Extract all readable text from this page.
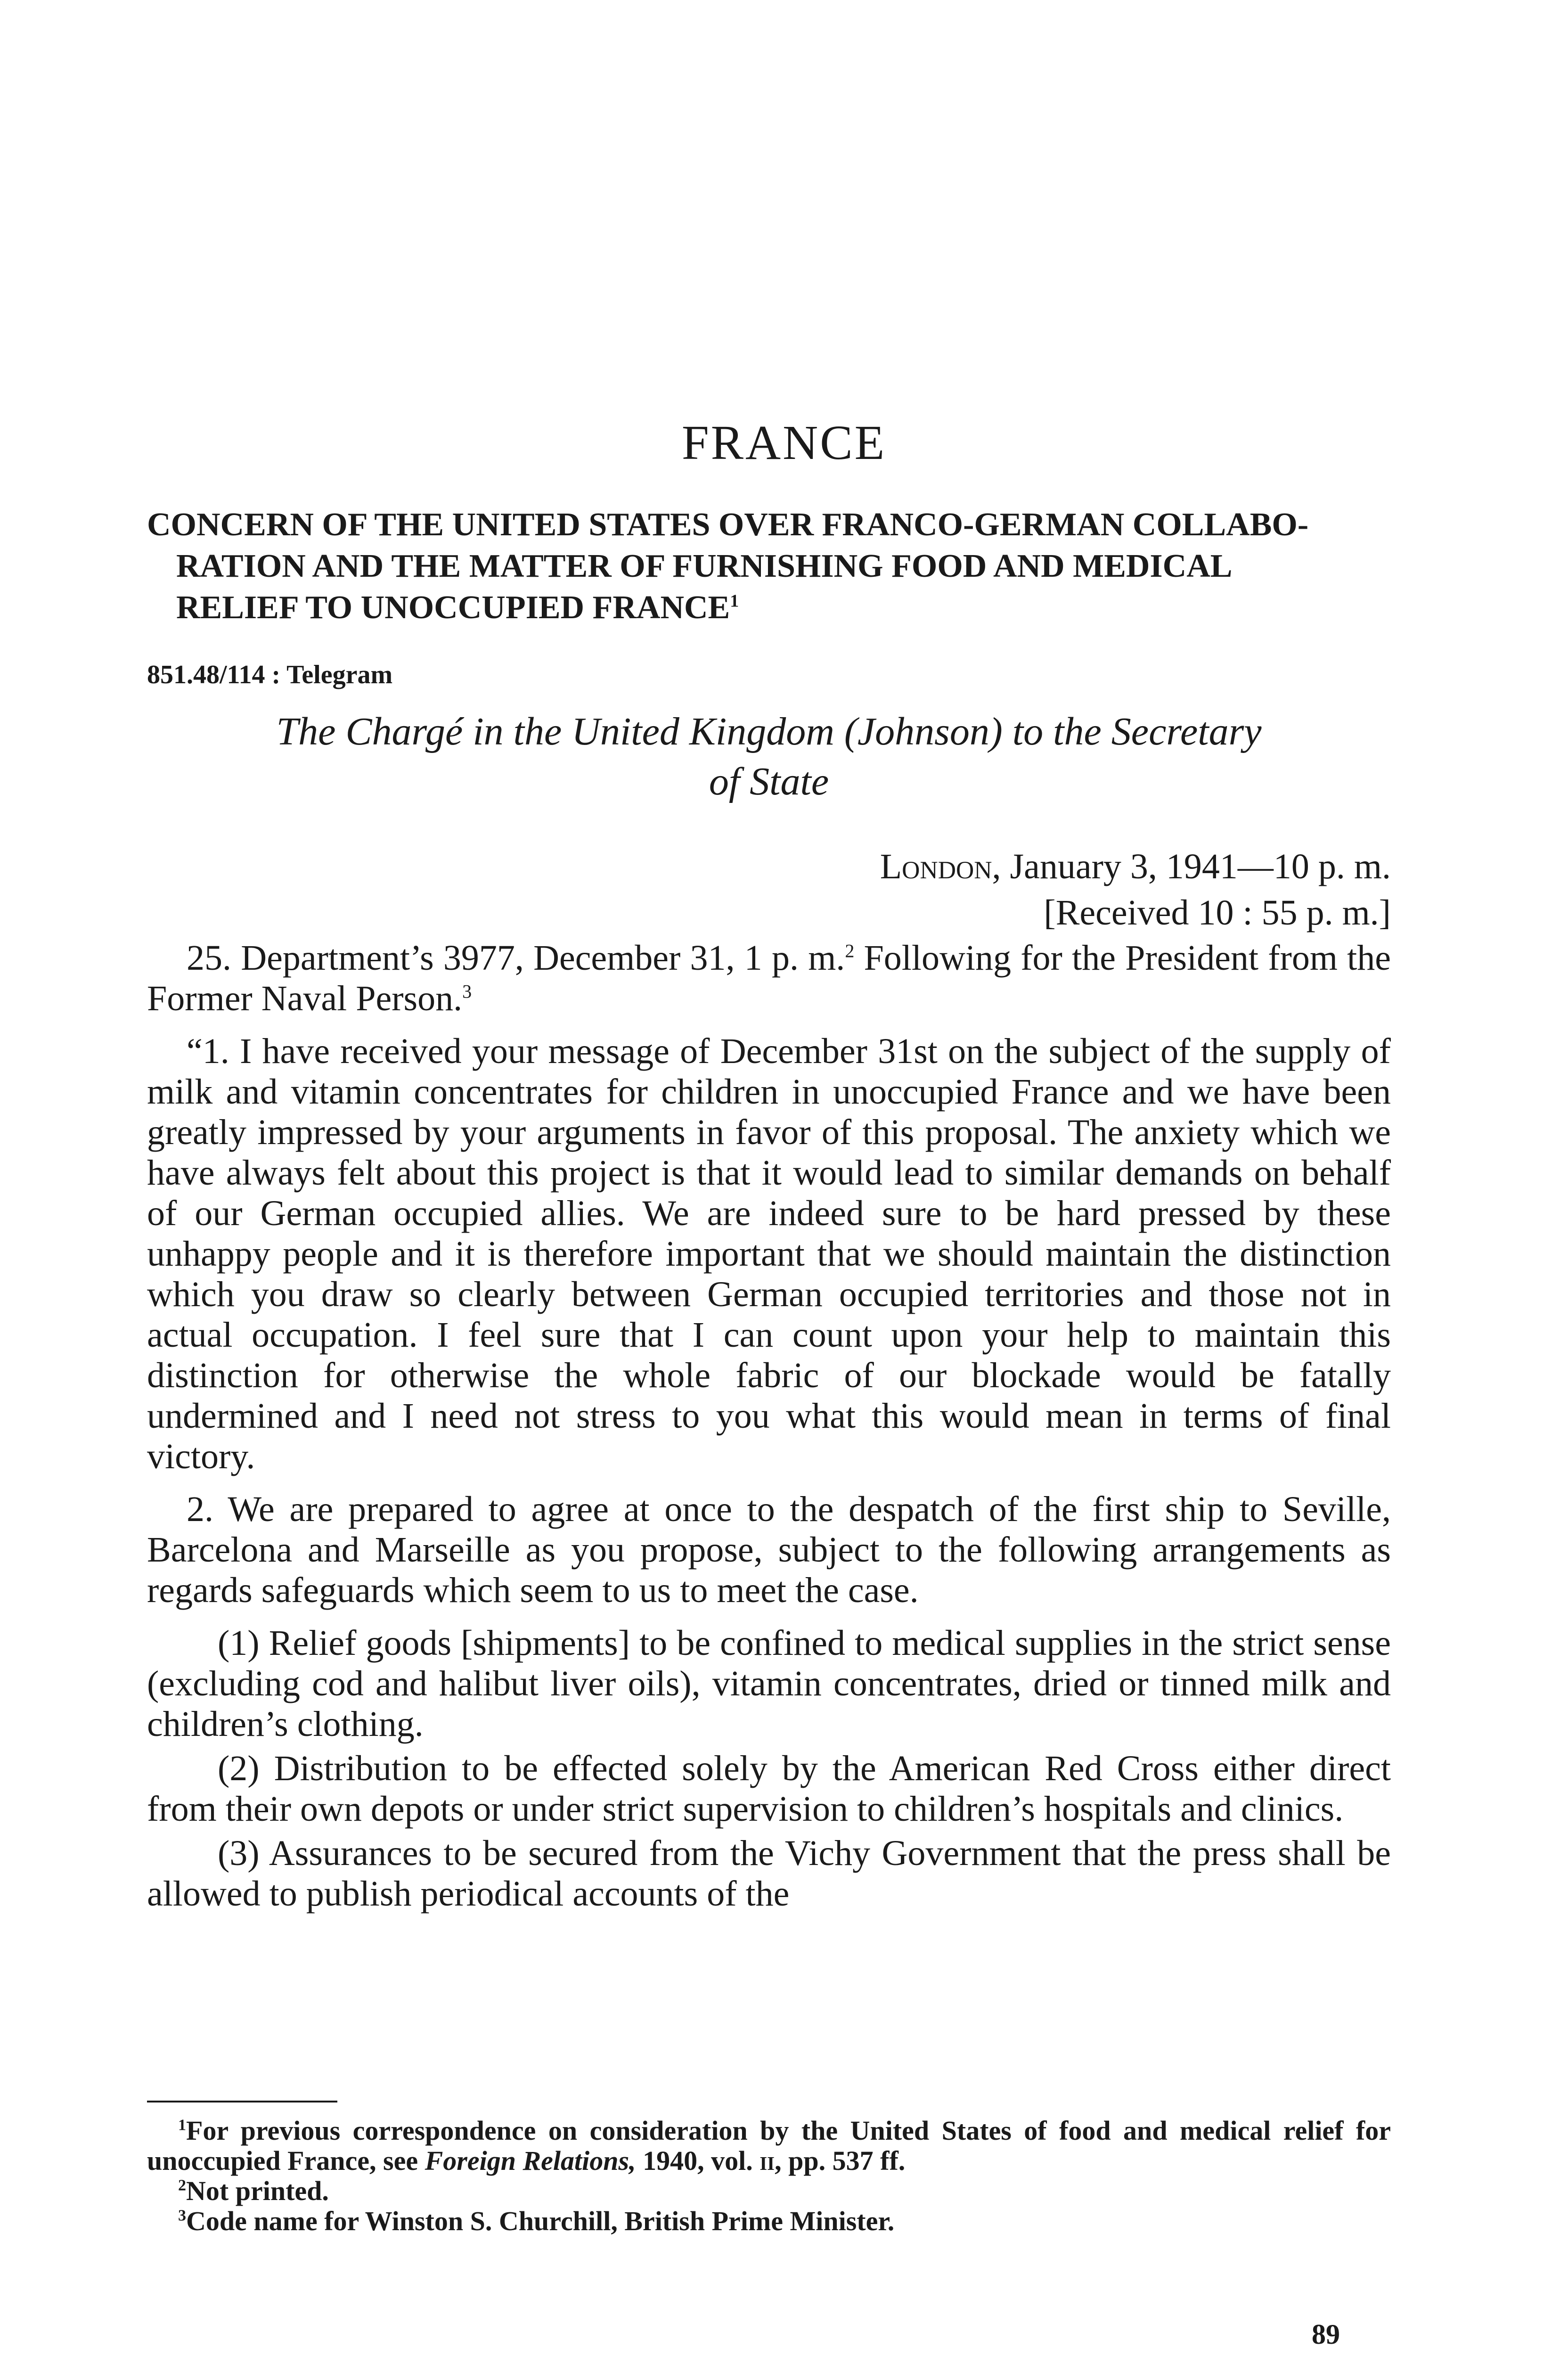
FRANCE
CONCERN OF THE UNITED STATES OVER FRANCO-GERMAN COLLABO-
RATION AND THE MATTER OF FURNISHING FOOD AND MEDICAL
RELIEF TO UNOCCUPIED FRANCE$^1$
851.48/114 : Telegram
The Chargé in the United Kingdom (Johnson) to the Secretary
of State
London, January 3, 1941—10 p. m.
[Received 10 : 55 p. m.]

25. Department’s 3977, December 31, 1 p. m.$^2$ Following for the President from the Former Naval Person.$^3$

“1. I have received your message of December 31st on the subject of the supply of milk and vitamin concentrates for children in unoccupied France and we have been greatly impressed by your arguments in favor of this proposal. The anxiety which we have always felt about this project is that it would lead to similar demands on behalf of our German occupied allies. We are indeed sure to be hard pressed by these unhappy people and it is therefore important that we should maintain the distinction which you draw so clearly between German occupied territories and those not in actual occupation. I feel sure that I can count upon your help to maintain this distinction for otherwise the whole fabric of our blockade would be fatally undermined and I need not stress to you what this would mean in terms of final victory.

2. We are prepared to agree at once to the despatch of the first ship to Seville, Barcelona and Marseille as you propose, subject to the following arrangements as regards safeguards which seem to us to meet the case.

(1) Relief goods [shipments] to be confined to medical supplies in the strict sense (excluding cod and halibut liver oils), vitamin concentrates, dried or tinned milk and children’s clothing.

(2) Distribution to be effected solely by the American Red Cross either direct from their own depots or under strict supervision to children’s hospitals and clinics.

(3) Assurances to be secured from the Vichy Government that the press shall be allowed to publish periodical accounts of the

$^1$For previous correspondence on consideration by the United States of food and medical relief for unoccupied France, see Foreign Relations, 1940, vol. ii, pp. 537 ff.

$^2$Not printed.

$^3$Code name for Winston S. Churchill, British Prime Minister.

89
